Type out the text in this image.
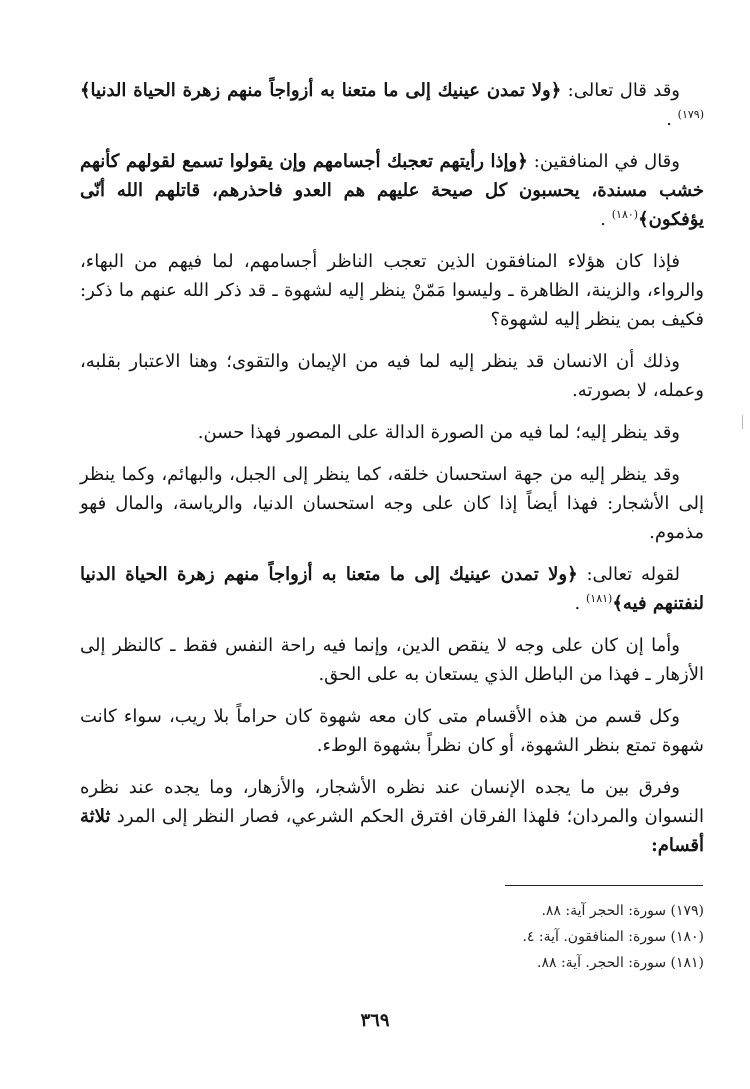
وقد قال تعالى: ﴿ولا تمدن عينيك إلى ما متعنا به أزواجاً منهم زهرة الحياة الدنيا﴾$^{(١٧٩)}$ .

وقال في المنافقين: ﴿وإذا رأيتهم تعجبك أجسامهم وإن يقولوا تسمع لقولهم كأنهم خشب مسندة، يحسبون كل صيحة عليهم هم العدو فاحذرهم، قاتلهم الله أنّى يؤفكون﴾$^{(١٨٠)}$ .

فإذا كان هؤلاء المنافقون الذين تعجب الناظر أجسامهم، لما فيهم من البهاء، والرواء، والزينة، الظاهرة ـ وليسوا مَمّنْ ينظر إليه لشهوة ـ قد ذكر الله عنهم ما ذكر: فكيف بمن ينظر إليه لشهوة؟

وذلك أن الانسان قد ينظر إليه لما فيه من الإيمان والتقوى؛ وهنا الاعتبار بقلبه، وعمله، لا بصورته.

وقد ينظر إليه؛ لما فيه من الصورة الدالة على المصور فهذا حسن.

وقد ينظر إليه من جهة استحسان خلقه، كما ينظر إلى الجبل، والبهائم، وكما ينظر إلى الأشجار: فهذا أيضاً إذا كان على وجه استحسان الدنيا، والرياسة، والمال فهو مذموم.

لقوله تعالى: ﴿ولا تمدن عينيك إلى ما متعنا به أزواجاً منهم زهرة الحياة الدنيا لنفتنهم فيه﴾$^{(١٨١)}$ .

وأما إن كان على وجه لا ينقص الدين، وإنما فيه راحة النفس فقط ـ كالنظر إلى الأزهار ـ فهذا من الباطل الذي يستعان به على الحق.

وكل قسم من هذه الأقسام متى كان معه شهوة كان حراماً بلا ريب، سواء كانت شهوة تمتع بنظر الشهوة، أو كان نظراً بشهوة الوطء.

وفرق بين ما يجده الإنسان عند نظره الأشجار، والأزهار، وما يجده عند نظره النسوان والمردان؛ فلهذا الفرقان افترق الحكم الشرعي، فصار النظر إلى المرد ثلاثة أقسام:

(١٧٩) سورة: الحجر آية: ٨٨.
(١٨٠) سورة: المنافقون. آية: ٤.
(١٨١) سورة: الحجر. آية: ٨٨.
٣٦٩
